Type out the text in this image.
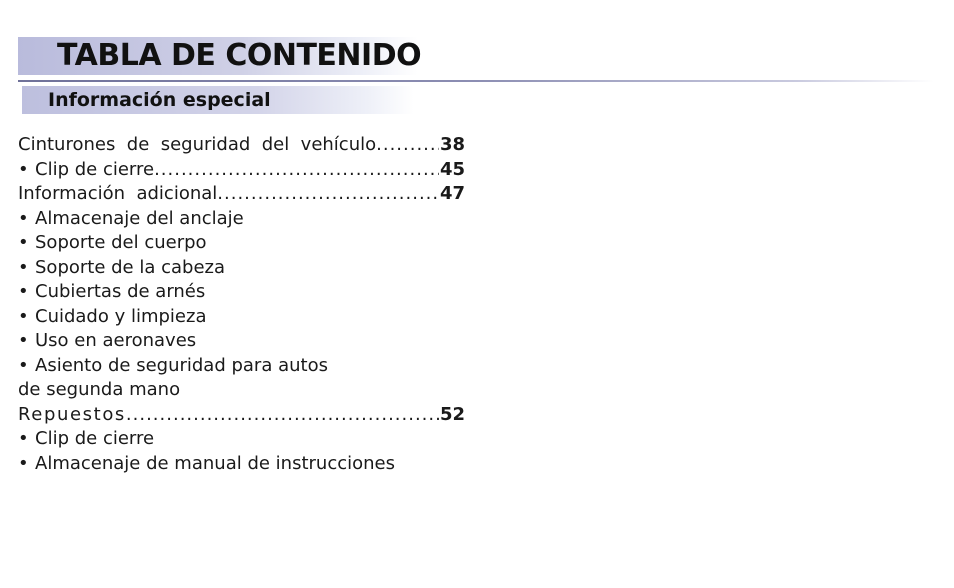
TABLA DE CONTENIDO
Información especial
Cinturones  de  seguridad  del  vehículo .....	38
• Clip de cierre .....	45
Información  adicional .....	47
• Almacenaje del anclaje
• Soporte del cuerpo
• Soporte de la cabeza
• Cubiertas de arnés
• Cuidado y limpieza
• Uso en aeronaves
• Asiento de seguridad para autos
de segunda mano
Repuestos .....	52
• Clip de cierre
• Almacenaje de manual de instrucciones
